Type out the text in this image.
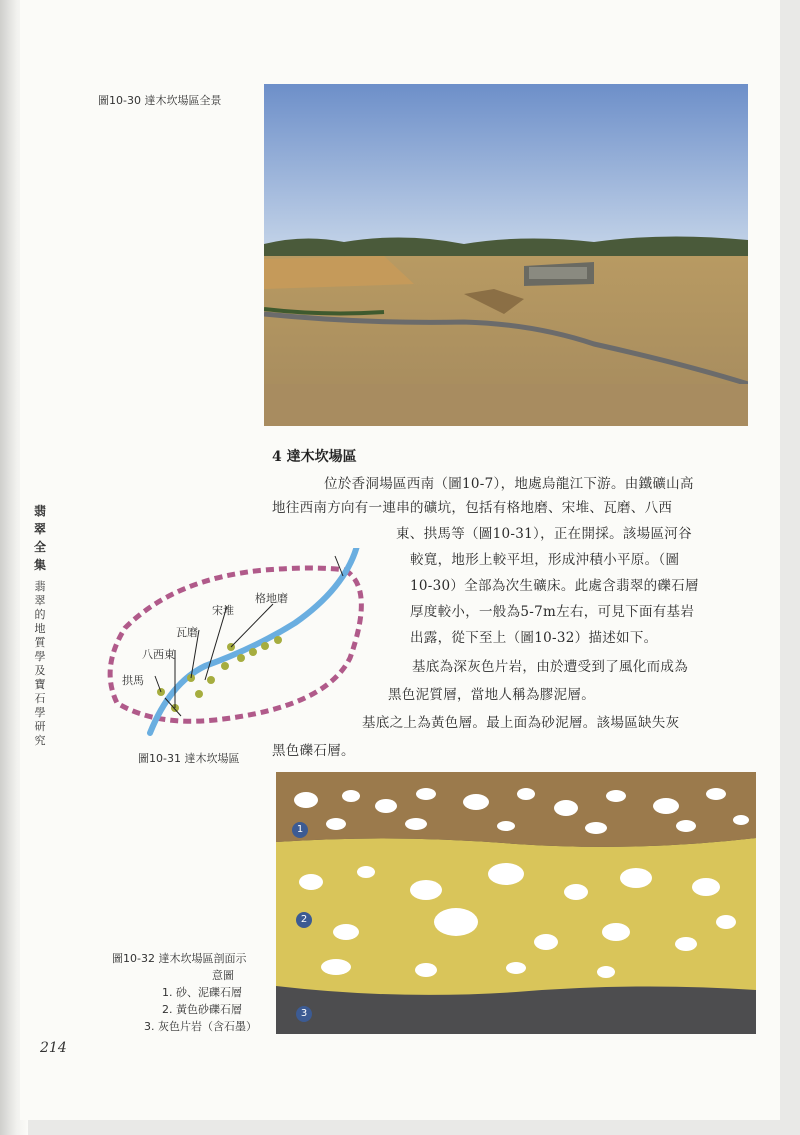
圖10-30 達木坎場區全景
4 達木坎場區
位於香洞場區西南（圖10-7），地處烏龍江下游。由鐵礦山高
地往西南方向有一連串的礦坑，包括有格地磨、宋堆、瓦磨、八西
東、拱馬等（圖10-31），正在開採。該場區河谷
較寬，地形上較平坦，形成沖積小平原。（圖
10-30）全部為次生礦床。此處含翡翠的礫石層
厚度較小，一般為5-7m左右，可見下面有基岩
出露，從下至上（圖10-32）描述如下。
基底為深灰色片岩，由於遭受到了風化而成為
黑色泥質層，當地人稱為膠泥層。
基底之上為黃色層。最上面為砂泥層。該場區缺失灰
黑色礫石層。
翡
翠
全
集
翡
翠
的
地
質
學
及
寶
石
學
研
究
格地磨
宋堆
瓦磨
八西東
拱馬
圖10-31 達木坎場區
1
2
3
圖10-32 達木坎場區剖面示
意圖
1. 砂、泥礫石層
2. 黃色砂礫石層
3. 灰色片岩（含石墨）
214
